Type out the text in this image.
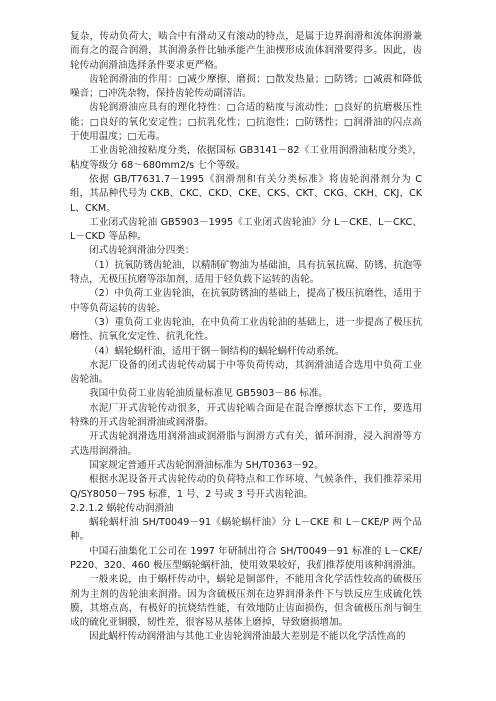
复杂，传动负荷大，啮合中有滑动又有滚动的特点，是属于边界润滑和流体润滑兼而有之的混合润滑，其润滑条件比轴承能产生油楔形成流体润滑要得多。因此，齿轮传动润滑油选择条件要求更严格。

齿轮润滑油的作用：□减少摩擦、磨损；□散发热量；□防锈；□减震和降低噪音；□冲洗杂物，保持齿轮传动副清洁。

齿轮润滑油应具有的理化特性：□合适的粘度与流动性；□良好的抗磨极压性能；□良好的氧化安定性；□抗乳化性；□抗泡性；□防锈性；□润滑油的闪点高于使用温度；□无毒。

工业齿轮油按粘度分类，依据国标 GB3141－82《工业用润滑油粘度分类》，粘度等级分 68～680mm2/s 七个等级。

依据 GB/T7631.7－1995《润滑剂和有关分类标准》将齿轮润滑剂分为 C 组，其品种代号为 CKB、CKC、CKD、CKE、CKS、CKT、CKG、CKH、CKJ、CKL、CKM。

工业闭式齿轮油 GB5903－1995《工业闭式齿轮油》分 L－CKE、L－CKC、L－CKD 等品种。

闭式齿轮润滑油分四类：

（1）抗氧防锈齿轮油，以精制矿物油为基础油，具有抗氧抗腐、防锈、抗泡等特点，无极压抗磨等添加剂，适用于轻负载下运转的齿轮。

（2）中负荷工业齿轮油，在抗氧防锈油的基础上，提高了极压抗磨性，适用于中等负荷运转的齿轮。

（3）重负荷工业齿轮油，在中负荷工业齿轮油的基础上，进一步提高了极压抗磨性、抗氧化安定性、抗乳化性。

（4）蜗轮蜗杆油，适用于钢－铜结构的蜗轮蜗杆传动系统。

水泥厂设备的闭式齿轮传动属于中等负荷传动，其润滑油适合选用中负荷工业齿轮油。

我国中负荷工业齿轮油质量标准见 GB5903－86 标准。

水泥厂开式齿轮传动很多，开式齿轮啮合面是在混合摩擦状态下工作，要选用特殊的开式齿轮润滑油或润滑脂。

开式齿轮润滑选用润滑油或润滑脂与润滑方式有关，循环润滑，浸入润滑等方式选用润滑油。

国家规定普通开式齿轮润滑油标准为 SH/T0363－92。

根据水泥设备开式齿轮传动的负荷特点和工作环境、气候条件，我们推荐采用 Q/SY8050－79S 标准，1 号、2 号或 3 号开式齿轮油。

2.2.1.2 蜗轮传动润滑油

蜗轮蜗杆油 SH/T0049－91《蜗轮蜗杆油》分 L－CKE 和 L－CKE/P 两个品种。

中国石油集化工公司在 1997 年研制出符合 SH/T0049－91 标准的 L－CKE/P220、320、460 极压型蜗轮蜗杆油，使用效果较好，我们推荐使用该种润滑油。

一般来说，由于蜗杆传动中，蜗轮是铜部件，不能用含化学活性较高的硫极压剂为主剂的齿轮油来润滑。因为含硫极压剂在边界润滑条件下与铁反应生成硫化铁膜，其熔点高，有极好的抗烧结性能，有效地防止齿面损伤，但含硫极压剂与铜生成的硫化亚铜膜，韧性差，很容易从基体上磨掉，导致磨损增加。

因此蜗杆传动润滑油与其他工业齿轮润滑油最大差别是不能以化学活性高的
